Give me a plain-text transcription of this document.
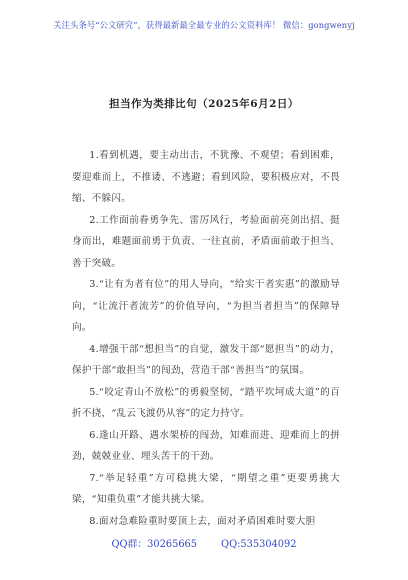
关注头条号“公文研究”，获得最新最全最专业的公文资料库！ 微信：gongwenyj
担当作为类排比句（2025年6月2日）

1.看到机遇，要主动出击，不犹豫、不观望；看到困难，要迎难而上，不推诿、不逃避；看到风险，要积极应对，不畏缩、不躲闪。

2.工作面前眷勇争先、雷厉风行，考验面前亮剑出招、挺身而出，难题面前勇于负责、一往直前，矛盾面前敢于担当、善于突破。

3.“让有为者有位”的用人导向，“给实干者实惠”的激励导向，“让流汗者流芳”的价值导向，“为担当者担当”的保障导向。

4.增强干部“想担当”的自觉，激发干部“愿担当”的动力，保护干部“敢担当”的闯劲，营造干部“善担当”的氛围。

5.“咬定青山不放松”的勇毅坚韧，“踏平坎坷成大道”的百折不挠，“乱云飞渡仍从容”的定力持守。

6.逢山开路、遇水架桥的闯劲，知难而进、迎难而上的拼劲，兢兢业业、埋头苦干的干劲。

7.“举足轻重”方可稳挑大梁，“期望之重”更要勇挑大梁，“知重负重”才能共挑大梁。

8.面对急难险重时要顶上去，面对矛盾困难时要大胆

QQ群：30265665 QQ:535304092
